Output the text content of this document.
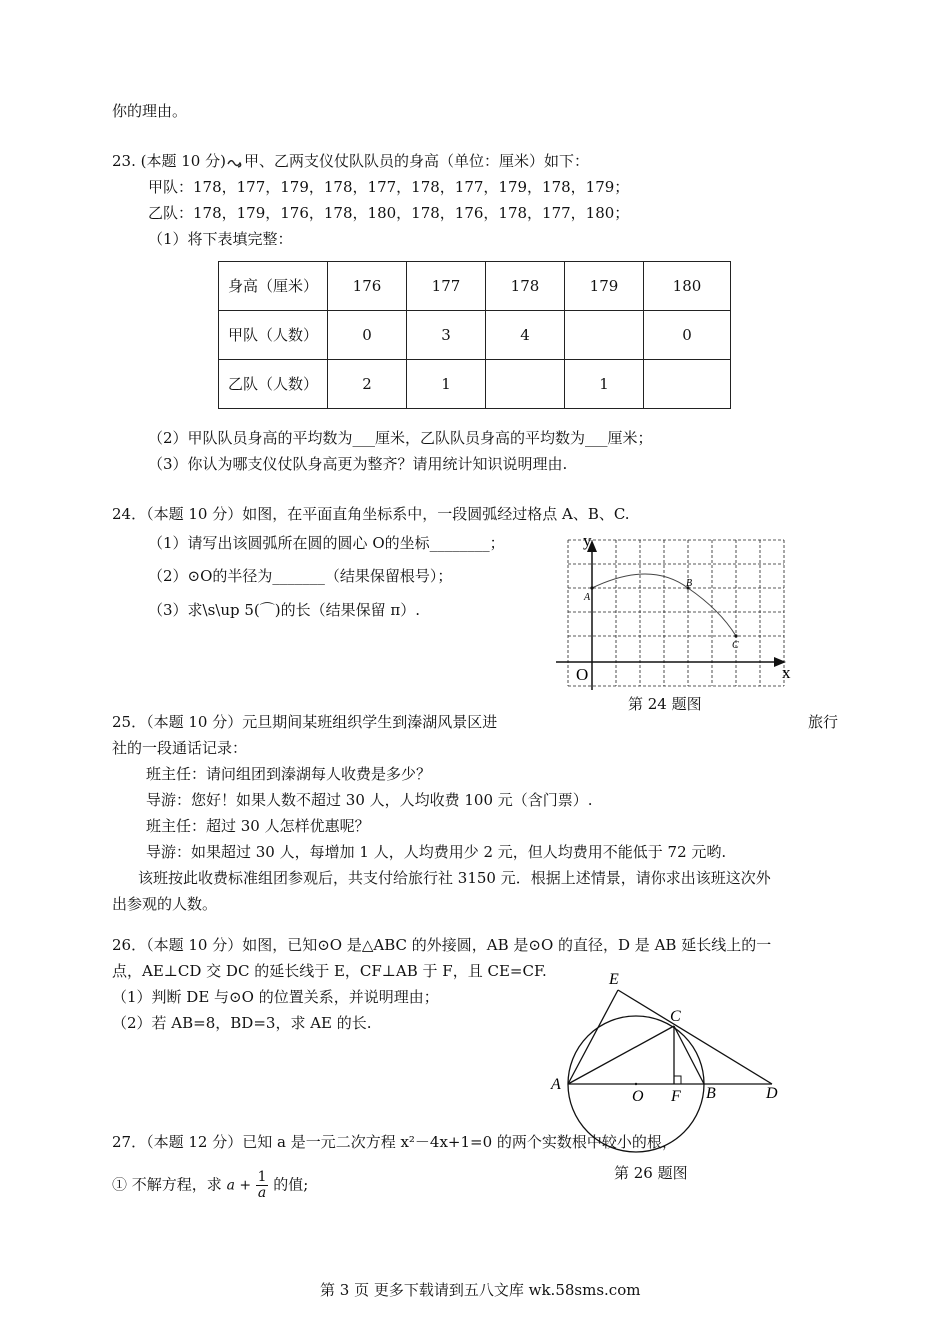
你的理由。
23. (本题 10 分) 甲、乙两支仪仗队队员的身高（单位：厘米）如下：
甲队：178，177，179，178，177，178，177，179，178，179；
乙队：178，179，176，178，180，178，176，178，177，180；
（1）将下表填完整：
身高（厘米）	176	177	178	179	180
甲队（人数）	0	3	4		0
乙队（人数）	2	1		1	
（2）甲队队员身高的平均数为___厘米，乙队队员身高的平均数为___厘米；
（3）你认为哪支仪仗队身高更为整齐？请用统计知识说明理由.
24．（本题 10 分）如图，在平面直角坐标系中，一段圆弧经过格点 A、B、C.
（1）请写出该圆弧所在圆的圆心 O的坐标________；
（2）⊙O的半径为_______（结果保留根号）；
（3）求\s\up 5(⌒)的长（结果保留 π）.
y
x
O
A
B
C
第 24 题图
25．（本题 10 分）元旦期间某班组织学生到溱湖风景区进	旅行
社的一段通话记录：
班主任：请问组团到溱湖每人收费是多少？
导游：您好！如果人数不超过 30 人，人均收费 100 元（含门票）.
班主任：超过 30 人怎样优惠呢？
导游：如果超过 30 人，每增加 1 人，人均费用少 2 元，但人均费用不能低于 72 元哟.
该班按此收费标准组团参观后，共支付给旅行社 3150 元．根据上述情景，请你求出该班这次外
出参观的人数。
26．（本题 10 分）如图，已知⊙O 是△ABC 的外接圆，AB 是⊙O 的直径，D 是 AB 延长线上的一
点，AE⊥CD 交 DC 的延长线于 E，CF⊥AB 于 F，且 CE=CF.
（1）判断 DE 与⊙O 的位置关系，并说明理由；
（2）若 AB=8，BD=3，求 AE 的长.
E
C
A
O F B	D
第 26 题图
27．（本题 12 分）已知 a 是一元二次方程 x²－4x+1=0 的两个实数根中较小的根，
① 不解方程，求 $a + \frac{1}{a}$ 的值;
第 3 页 更多下载请到五八文库 wk.58sms.com
